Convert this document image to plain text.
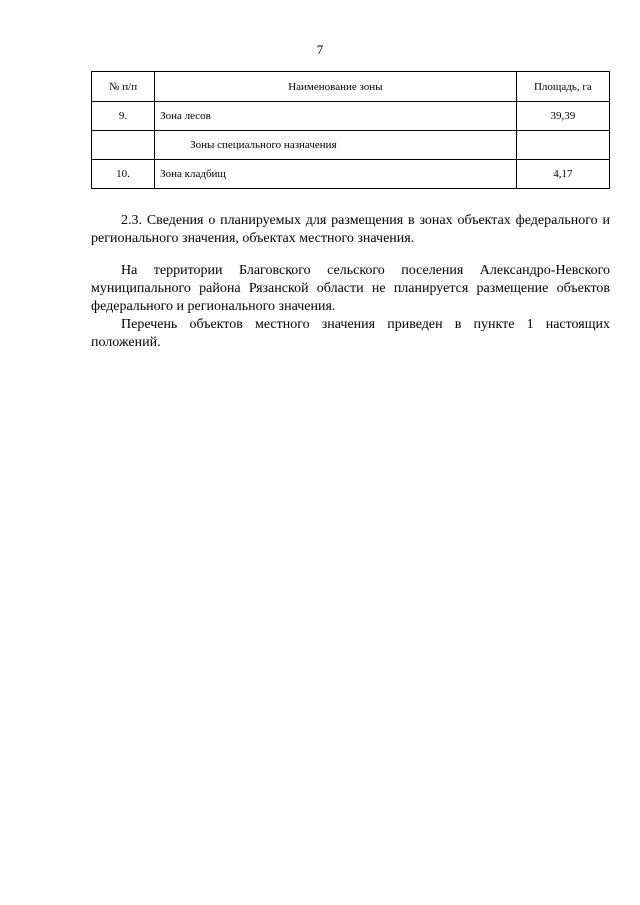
7
№ п/п	Наименование зоны	Площадь, га
9.	Зона лесов	39,39
	Зоны специального назначения	
10.	Зона кладбищ	4,17

2.3. Сведения о планируемых для размещения в зонах объектах федерального и регионального значения, объектах местного значения.

На территории Благовского сельского поселения Александро-Невского муниципального района Рязанской области не планируется размещение объектов федерального и регионального значения.

Перечень объектов местного значения приведен в пункте 1 настоящих положений.
